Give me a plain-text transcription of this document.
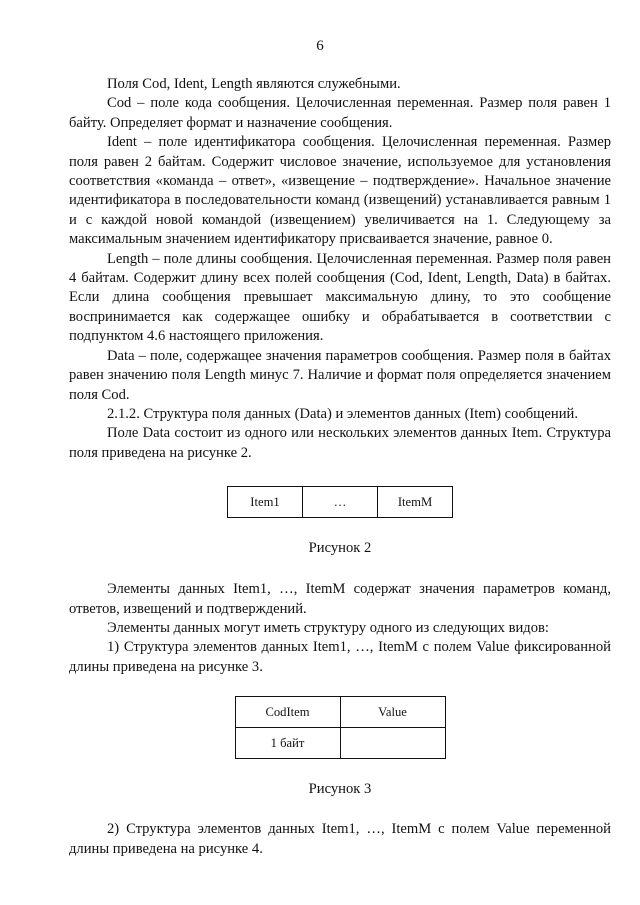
6

Поля Cod, Ident, Length являются служебными.

Cod – поле кода сообщения. Целочисленная переменная. Размер поля равен 1 байту. Определяет формат и назначение сообщения.

Ident – поле идентификатора сообщения. Целочисленная переменная. Размер поля равен 2 байтам. Содержит числовое значение, используемое для установления соответствия «команда – ответ», «извещение – подтверждение». Начальное значение идентификатора в последовательности команд (извещений) устанавливается равным 1 и с каждой новой командой (извещением) увеличивается на 1. Следующему за максимальным значением идентификатору присваивается значение, равное 0.

Length – поле длины сообщения. Целочисленная переменная. Размер поля равен 4 байтам. Содержит длину всех полей сообщения (Cod, Ident, Length, Data) в байтах. Если длина сообщения превышает максимальную длину, то это сообщение воспринимается как содержащее ошибку и обрабатывается в соответствии с подпунктом 4.6 настоящего приложения.

Data – поле, содержащее значения параметров сообщения. Размер поля в байтах равен значению поля Length минус 7. Наличие и формат поля определяется значением поля Cod.

2.1.2. Структура поля данных (Data) и элементов данных (Item) сообщений.

Поле Data состоит из одного или нескольких элементов данных Item. Структура поля приведена на рисунке 2.

Item1	…	ItemM

Рисунок 2

Элементы данных Item1, …, ItemM содержат значения параметров команд, ответов, извещений и подтверждений.

Элементы данных могут иметь структуру одного из следующих видов:

1) Структура элементов данных Item1, …, ItemM с полем Value фиксированной длины приведена на рисунке 3.

CodItem	Value
1 байт	

Рисунок 3

2) Структура элементов данных Item1, …, ItemM с полем Value переменной длины приведена на рисунке 4.
